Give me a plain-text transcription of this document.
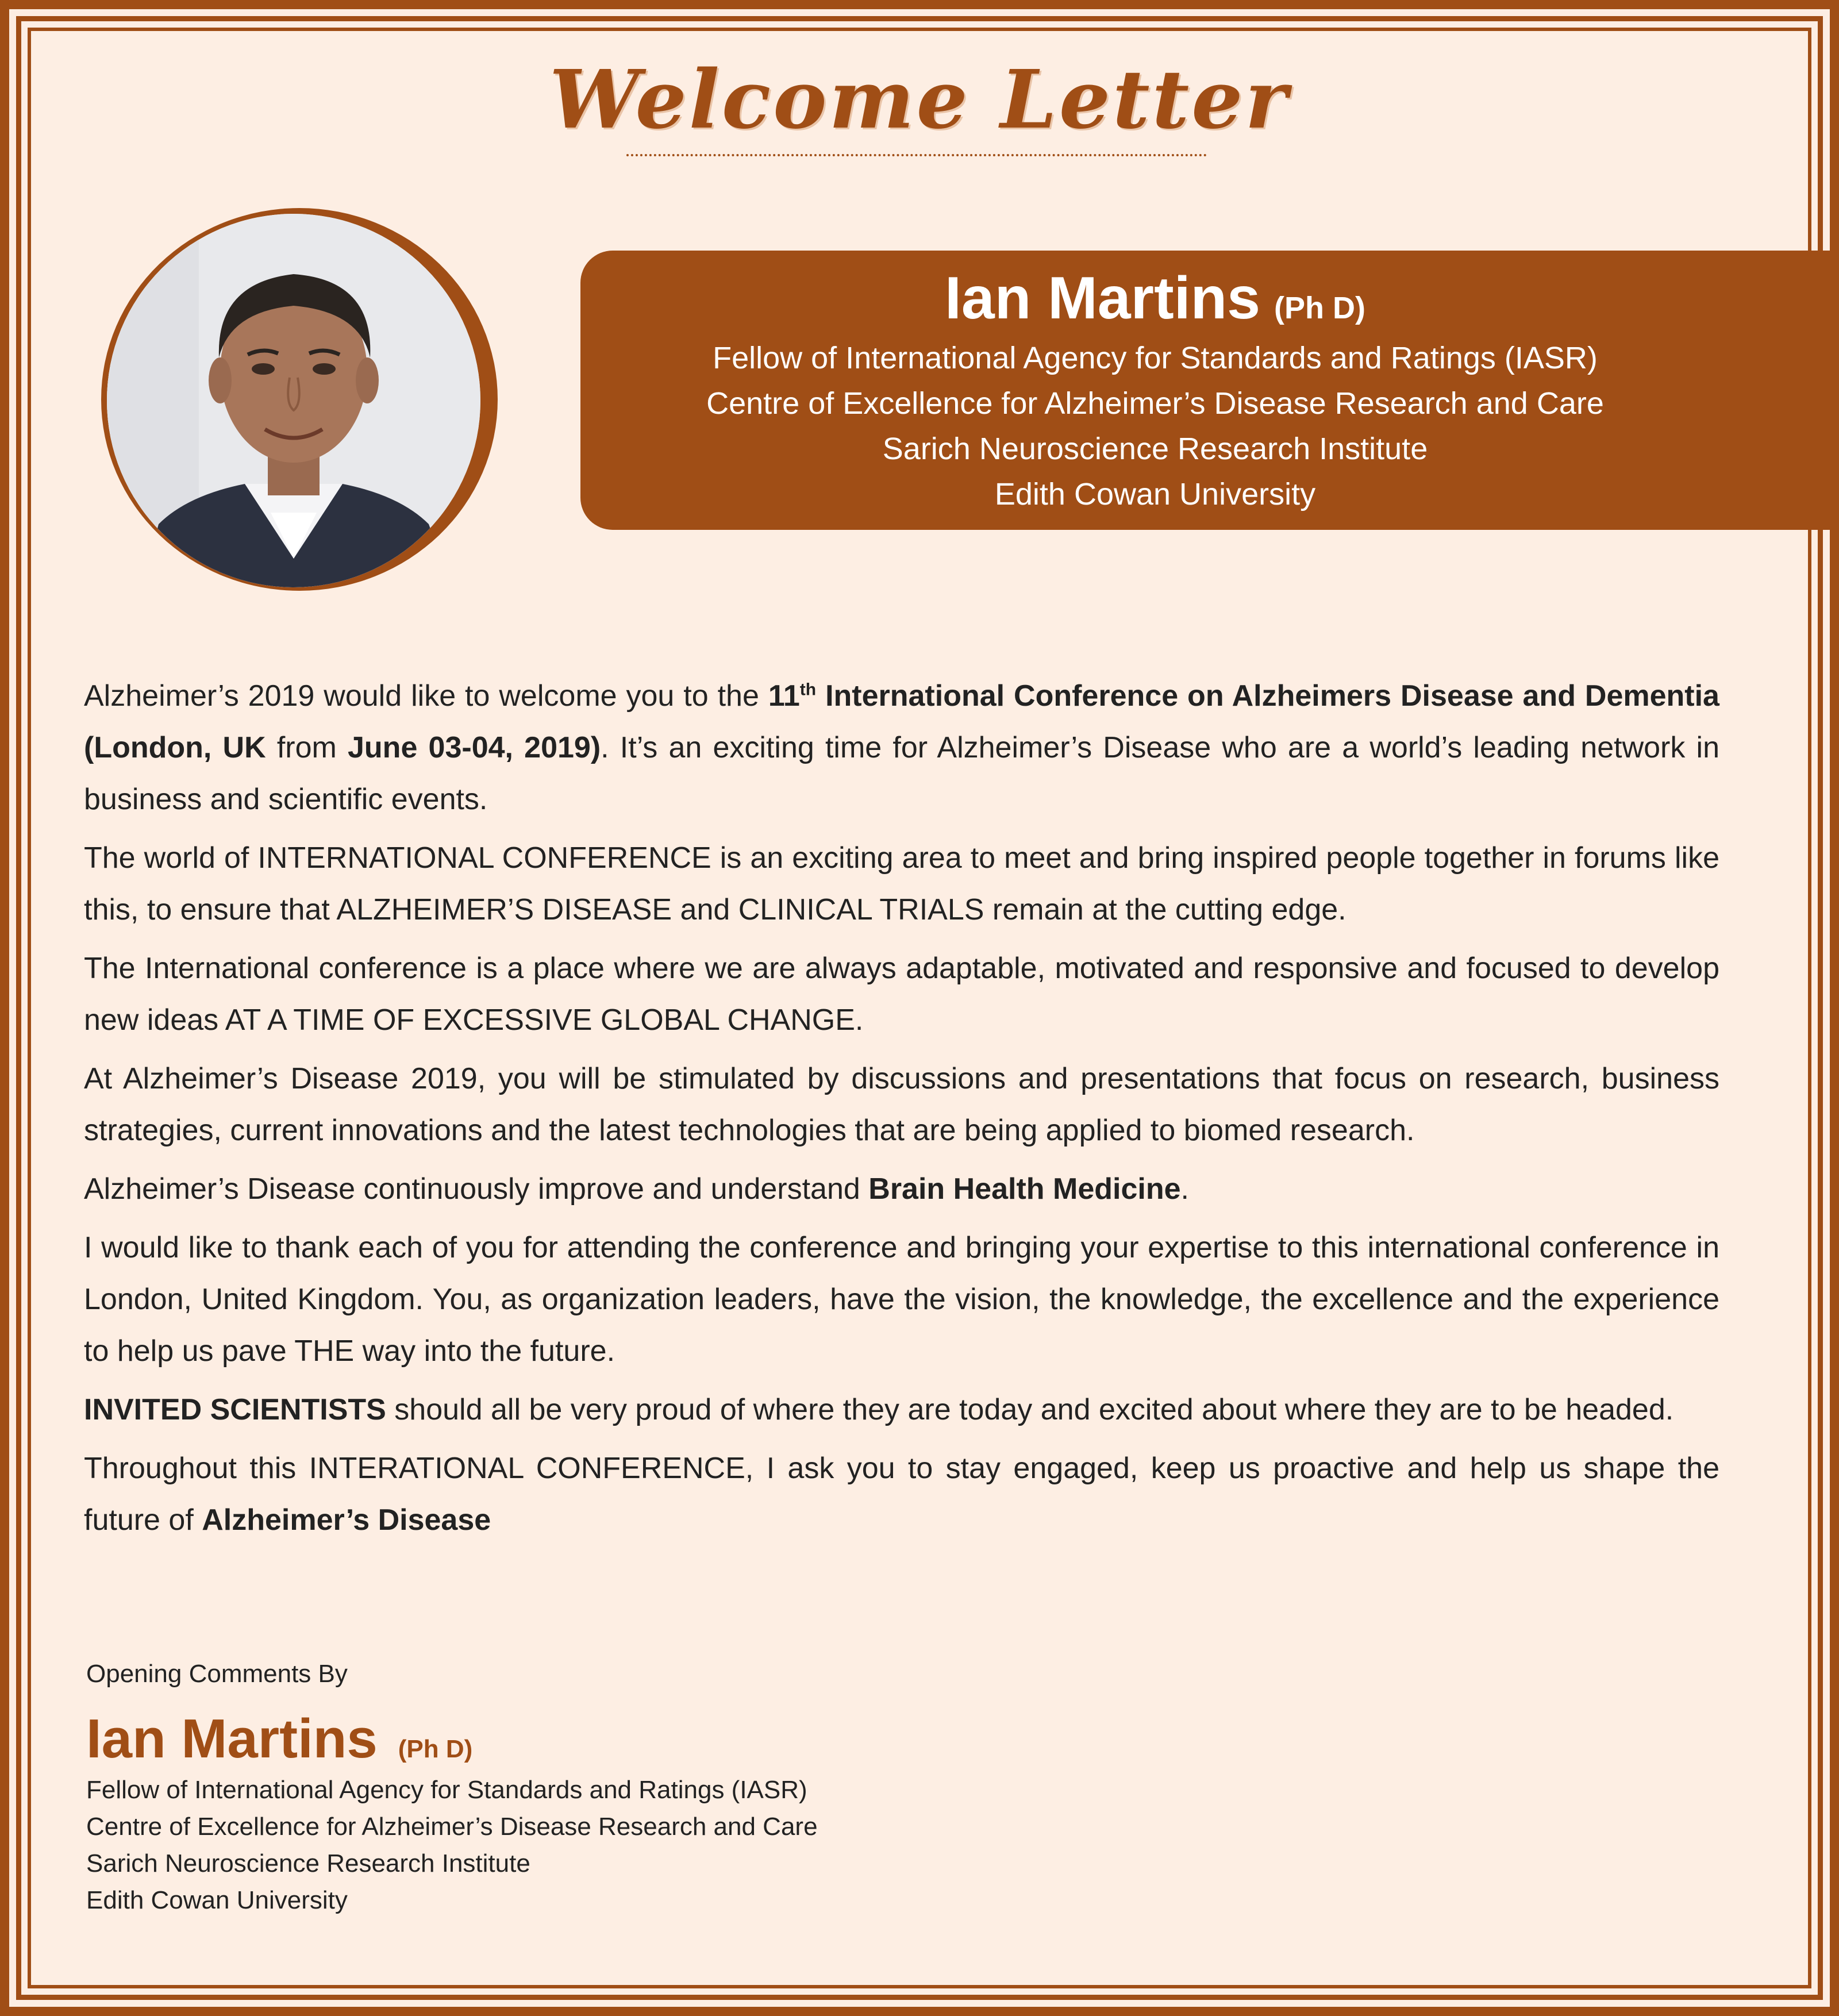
Welcome Letter
Ian Martins (Ph D)
Fellow of International Agency for Standards and Ratings (IASR)
Centre of Excellence for Alzheimer’s Disease Research and Care
Sarich Neuroscience Research Institute
Edith Cowan University

Alzheimer’s 2019 would like to welcome you to the 11th International Conference on Alzheimers Disease and Dementia (London, UK from June 03-04, 2019). It’s an exciting time for Alzheimer’s Disease who are a world’s leading network in business and scientific events.

The world of INTERNATIONAL CONFERENCE is an exciting area to meet and bring inspired people together in forums like this, to ensure that ALZHEIMER’S DISEASE and CLINICAL TRIALS remain at the cutting edge.

The International conference is a place where we are always adaptable, motivated and responsive and focused to develop new ideas AT A TIME OF EXCESSIVE GLOBAL CHANGE.

At Alzheimer’s Disease 2019, you will be stimulated by discussions and presentations that focus on research, business strategies, current innovations and the latest technologies that are being applied to biomed research.

Alzheimer’s Disease continuously improve and understand Brain Health Medicine.

I would like to thank each of you for attending the conference and bringing your expertise to this international conference in London, United Kingdom. You, as organization leaders, have the vision, the knowledge, the excellence and the experience to help us pave THE way into the future.

INVITED SCIENTISTS should all be very proud of where they are today and excited about where they are to be headed.

Throughout this INTERATIONAL CONFERENCE, I ask you to stay engaged, keep us proactive and help us shape the future of Alzheimer’s Disease

Opening Comments By
Ian Martins (Ph D)
Fellow of International Agency for Standards and Ratings (IASR)
Centre of Excellence for Alzheimer’s Disease Research and Care
Sarich Neuroscience Research Institute
Edith Cowan University
